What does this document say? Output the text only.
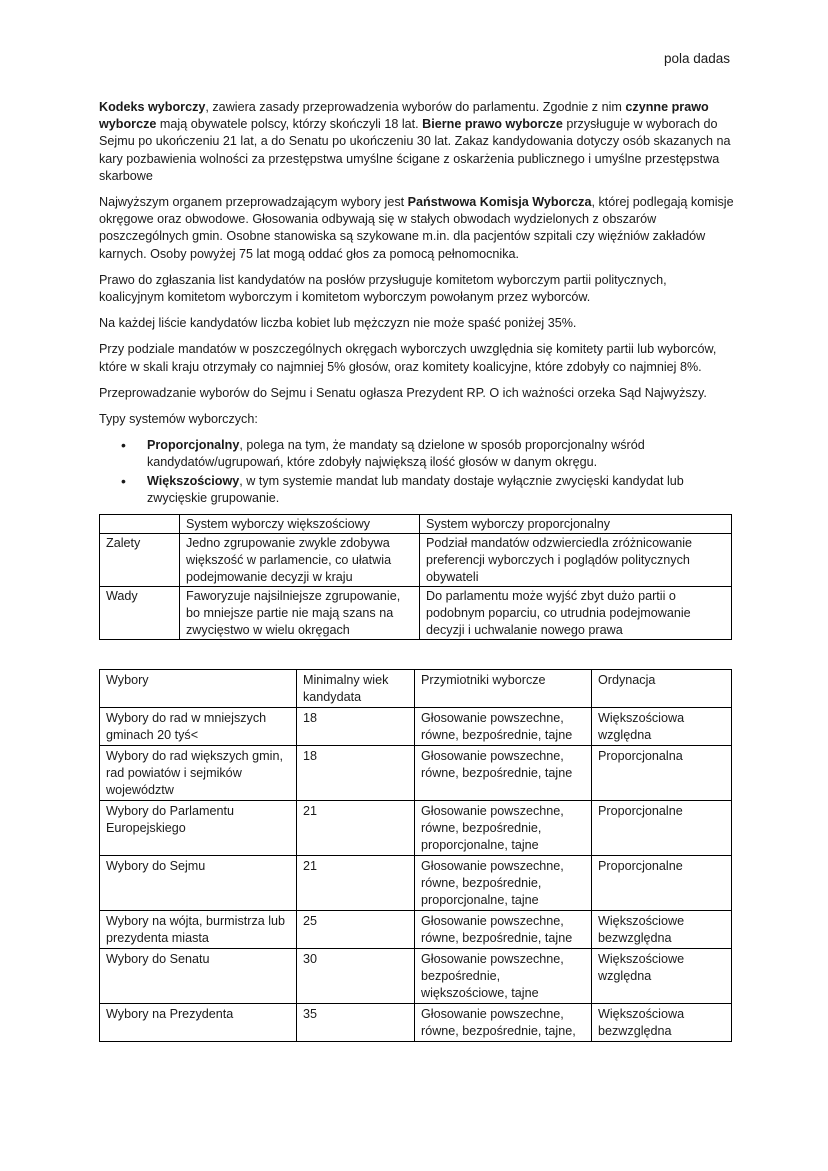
pola dadas

Kodeks wyborczy, zawiera zasady przeprowadzenia wyborów do parlamentu. Zgodnie z nim czynne prawo wyborcze mają obywatele polscy, którzy skończyli 18 lat. Bierne prawo wyborcze przysługuje w wyborach do Sejmu po ukończeniu 21 lat, a do Senatu po ukończeniu 30 lat. Zakaz kandydowania dotyczy osób skazanych na kary pozbawienia wolności za przestępstwa umyślne ścigane z oskarżenia publicznego i umyślne przestępstwa skarbowe

Najwyższym organem przeprowadzającym wybory jest Państwowa Komisja Wyborcza, której podlegają komisje okręgowe oraz obwodowe. Głosowania odbywają się w stałych obwodach wydzielonych z obszarów poszczególnych gmin. Osobne stanowiska są szykowane m.in. dla pacjentów szpitali czy więźniów zakładów karnych. Osoby powyżej 75 lat mogą oddać głos za pomocą pełnomocnika.

Prawo do zgłaszania list kandydatów na posłów przysługuje komitetom wyborczym partii politycznych, koalicyjnym komitetom wyborczym i komitetom wyborczym powołanym przez wyborców.

Na każdej liście kandydatów liczba kobiet lub mężczyzn nie może spaść poniżej 35%.

Przy podziale mandatów w poszczególnych okręgach wyborczych uwzględnia się komitety partii lub wyborców, które w skali kraju otrzymały co najmniej 5% głosów, oraz komitety koalicyjne, które zdobyły co najmniej 8%.

Przeprowadzanie wyborów do Sejmu i Senatu ogłasza Prezydent RP. O ich ważności orzeka Sąd Najwyższy.

Typy systemów wyborczych:

• Proporcjonalny, polega na tym, że mandaty są dzielone w sposób proporcjonalny wśród kandydatów/ugrupowań, które zdobyły największą ilość głosów w danym okręgu.
• Większościowy, w tym systemie mandat lub mandaty dostaje wyłącznie zwycięski kandydat lub zwycięskie grupowanie.
	System wyborczy większościowy	System wyborczy proporcjonalny
Zalety	Jedno zgrupowanie zwykle zdobywa większość w parlamencie, co ułatwia podejmowanie decyzji w kraju	Podział mandatów odzwierciedla zróżnicowanie preferencji wyborczych i poglądów politycznych obywateli
Wady	Faworyzuje najsilniejsze zgrupowanie, bo mniejsze partie nie mają szans na zwycięstwo w wielu okręgach	Do parlamentu może wyjść zbyt dużo partii o podobnym poparciu, co utrudnia podejmowanie decyzji i uchwalanie nowego prawa
Wybory	Minimalny wiek kandydata	Przymiotniki wyborcze	Ordynacja
Wybory do rad w mniejszych gminach 20 tyś<	18	Głosowanie powszechne, równe, bezpośrednie, tajne	Większościowa względna
Wybory do rad większych gmin, rad powiatów i sejmików województw	18	Głosowanie powszechne, równe, bezpośrednie, tajne	Proporcjonalna
Wybory do Parlamentu Europejskiego	21	Głosowanie powszechne, równe, bezpośrednie, proporcjonalne, tajne	Proporcjonalne
Wybory do Sejmu	21	Głosowanie powszechne, równe, bezpośrednie, proporcjonalne, tajne	Proporcjonalne
Wybory na wójta, burmistrza lub prezydenta miasta	25	Głosowanie powszechne, równe, bezpośrednie, tajne	Większościowe bezwzględna
Wybory do Senatu	30	Głosowanie powszechne, bezpośrednie, większościowe, tajne	Większościowe względna
Wybory na Prezydenta	35	Głosowanie powszechne, równe, bezpośrednie, tajne,	Większościowa bezwzględna
